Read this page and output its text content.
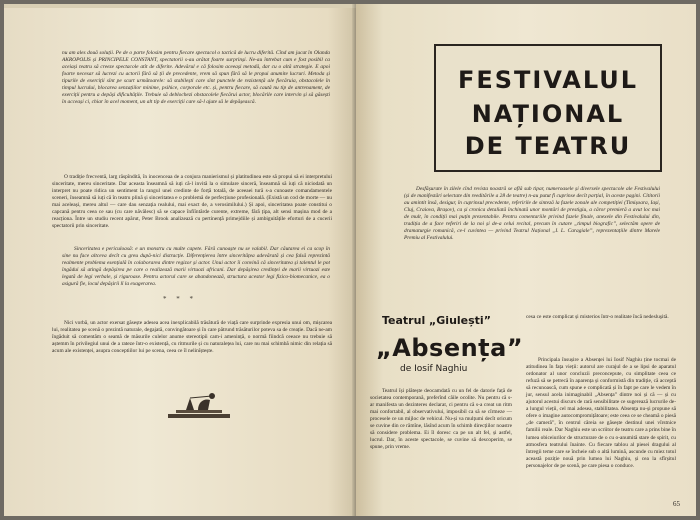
nu am ales două soluții. Pe de o parte folosim pentru fiecare spectacol o tactică de lucru diferită. Cînd am jucat în Olanda AKROPOLIS și PRINCIPELE CONSTANT, spectatorii s-au arătat foarte surprinși. Ne-au întrebat cum e fost posibil ca aceiași teatru să creeze spectacole atît de diferite. Adevărul e că folosim aceeași metodă, dar cu o altă strategie. E apoi foarte necesar să lucrezi cu actorii fără să ții de precedente, vrem să spun fără să le propui anumite lucruri. Metoda și tipurile de exerciții sînt pe scurt următoarele: să stabilești care sînt punctele de rezistență ale fiecăruia, obstacolele în timpul lucrului, blocarea senzațiilor minime, psihice, corporale etc. și, pentru fiecare, să caută nu tip de antrenament, de exerciții pentru a depăși dificultățile. Trebuie să deblochezi obstacolele fiecărui actor, blocările care intervin și să găsești în acceași ci, chiar în acel moment, un alt tip de exerciții care să-l ajute să le depășească.

O tradiție frecventă, larg răspîndită, în inocenceaa de a conjura manierismul și platitudinea este să propui să ei interpretului sinceritate, mereu sinceritate. Dar aceasta înseamnă să iuți că-l invită la o simulare sinceră, înseamnă să iuți că niciodată un interpret nu poate ridica un sentiment la rangul unei credinte de forță totală, de aceeaei tură s-a cunoaste comandamentele sceneri, înseamnă să iuți că în teatru plină și sinceritatea e o problemă de perfecțiune profesională. (Există un cod de morte — nu mai aceleași, mereu altul — care dau senzația realului, mai exact de, a verosimilului.) Și apoi, sinceritatea poate constitui o capcană pentru ceea ce sau (cu care năvălesc) să se capace înfiîntărde curente, extreme, fără țipa, alt sensi mașina mod de a reacționa. Între un studiu recent apărut, Peter Brook analizează cu pertinență primejdiile și ambiguitățile eforturi de a cucerii spectatorii prin sinceritate.

Sinceritatea e periculoasă: e un monstru cu multe capete. Fără cunoaște nu se valabil. Dar căutarea ei ca scop în sine nu face altceva decît cu greu după-nici distracție. Diferențierea între sinceritățea adevărată și cea falsă reprezintă realmente problema esențială în colaborarea dintre regizor și actor. Unui actor îi convină că sinceritatea și talentul le pot îngădui să atingă depășirea pe care o realizează marii virtuozi africani. Dar depășirea credinței de marii virtuozi este legată de legi verbale, și riguroase. Pentru actorul care se abandonează, structura acestor legi fizico-biomecanice, ea o asigură fie, locul depășirii lî la exagerarea.

* * *

Nici vorbă, un actor exersat găsește adesea acea inexplicabilă trăsătură de viață care surprinde expresia unui om, mișcarea lui, realitatea pe scenă o prezintă naturale, degajată, convingătoare și în care pătrund trăsăturilor poteva sa de creație. Dacă ne-am îngăduit să comentăm o seamă de măsurile culelor anume stereotipii cam-i amenință, o normă fiindcă ceeace nu trebuie să aștemm în privilegiul unui de a rateze într-o existență, cu ritmurile și cu naturalețea lui, care nu mai schimbă nimic din relația să acum ale existenței, asupra conceptiilor lui pe scena, ceea ce îl nelinîștește.

FESTIVALUL
NAȚIONAL
DE TEATRU

Desfășurate în zilele cînd revista noastră se află sub tipar, numeroasele și diversele spectacole ale Festivalului (și de manifestări selectate din reeditările a 28 de teatre) n-au putut fi cuprinse decît parțial, în aceste pagini. Cititorii au amintit însă, desigur, în cuprinsul precedente, referirile de sinteză la fazele zonale ale competiției (Timișoara, Iași, Cluj, Craiova, Brașov), ca și cronica detaliată închinată unor montări de prestigiu, a căror premieră a avut loc mai de mult, în condiții mai puțin prezentabile. Pentru comentariile privind fazele finale, anexele din Festivalului din, tradiția de a face referiri de la noi și de-a celui recital, precum în cutare „timpul biografic”, selectăm opere de dramaturgie romanică, ce-l cuvintea — privind Teatrul Național „I. L. Caragiale”, reprezentațiile dintre Marele Premiu al Festivalului.

Teatrul „Giulești”
„Absența”
de Iosif Naghiu

Teatrul își plătește deocamdată cu un fel de datorie față de societatea contemporană, preferînd căile ocolite. Nu pentru că s-ar manifesta un dezinteres declarat, ci pentru că s-a creat un ritm mai confortabil, al observativului, imposibil ca să se cîrmeze — procesele ce un mijloc de vehicul. Nu-și va mulțumi decît oricum se cuvine din ce rămîne, lăsînd acum în schimb direcțiilor noastre să considere problema. Ei îl doresc ca pe un alt fel, și astfel, lucrul. Dar, în aceste spectacole, se cuvine să descoperim, se spune, prin vreme.

cesa ce este complicat și misterios într-o realitate încă nedesluşită.

Principala însușire a Absenței lui Iosif Naghiu ține tocmai de atitudinea în fața vieții: autorul are curajul de a se lipsi de aparatul ordonator al unor concluzii preconcepute, cu simplitate ceea ce refuză să se petrecă în aparența și conformistă din tradiție, că acceptă să recunoască, cum spune e complicată și în fapt pe care le vedem în jur, sensul acela inimaginabil „Absența” dintre noi și că — și cu ajutorul acestui discurs de rară sensibilitate ce sugerează lucrurile de-a lungul vieții, cel mai adesea, stabilitatea. Absența nu-și propune să ofere o imagine autocompromițătoare; este ceea ce se cheamă o piesă „de cameră”, în centrul căreia se găsește destinul unei vîrstnice familii reale. Dar Naghiu este un scriitor de teatru care a prins bine în lumea obiceiurilor de structurare de o cu o-anumită stare de spirit, cu atmosfera teatrului înainte. Cu fiecare tablou al piesei dragului al întregii teme care se încheie sub o altă lumină, ascunde cu miez totul această poziție nouă prin lumea lui Naghiu, și cea la sfîrșitul personajelor de pe scenă, pe care piesa o conduce.

65
